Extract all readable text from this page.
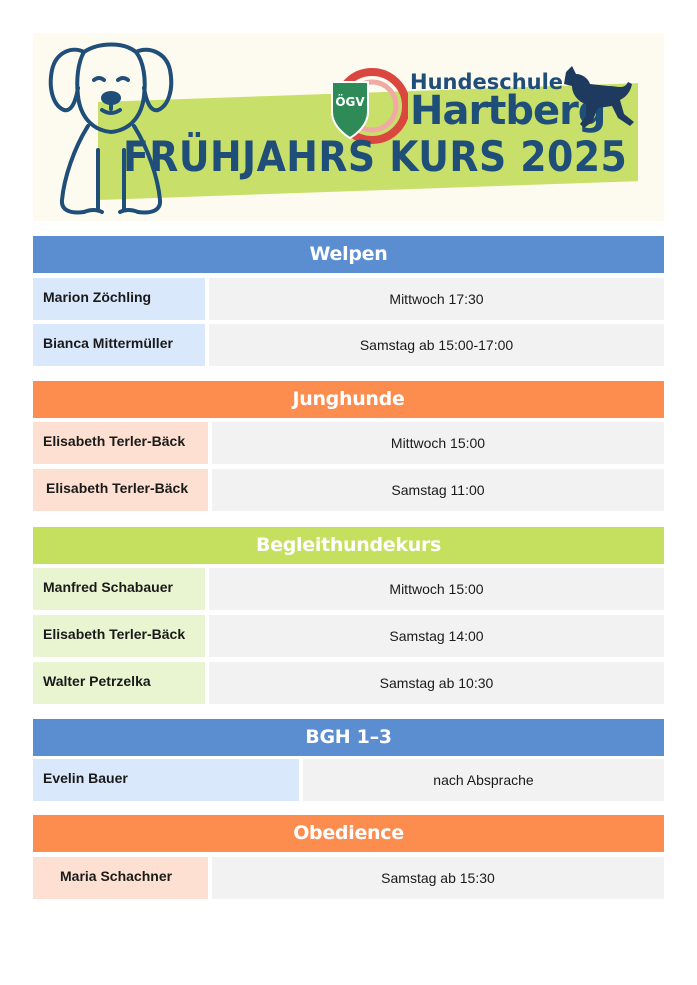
ÖGV
Hundeschule
Hartberg
FRÜHJAHRS KURS 2025
Welpen
Marion Zöchling	Mittwoch 17:30
Bianca Mittermüller	Samstag ab 15:00-17:00
Junghunde
Elisabeth Terler-Bäck	Mittwoch 15:00
Elisabeth Terler-Bäck	Samstag 11:00
Begleithundekurs
Manfred Schabauer	Mittwoch 15:00
Elisabeth Terler-Bäck	Samstag 14:00
Walter Petrzelka	Samstag ab 10:30
BGH 1–3
Evelin Bauer	nach Absprache
Obedience
Maria Schachner	Samstag ab 15:30
